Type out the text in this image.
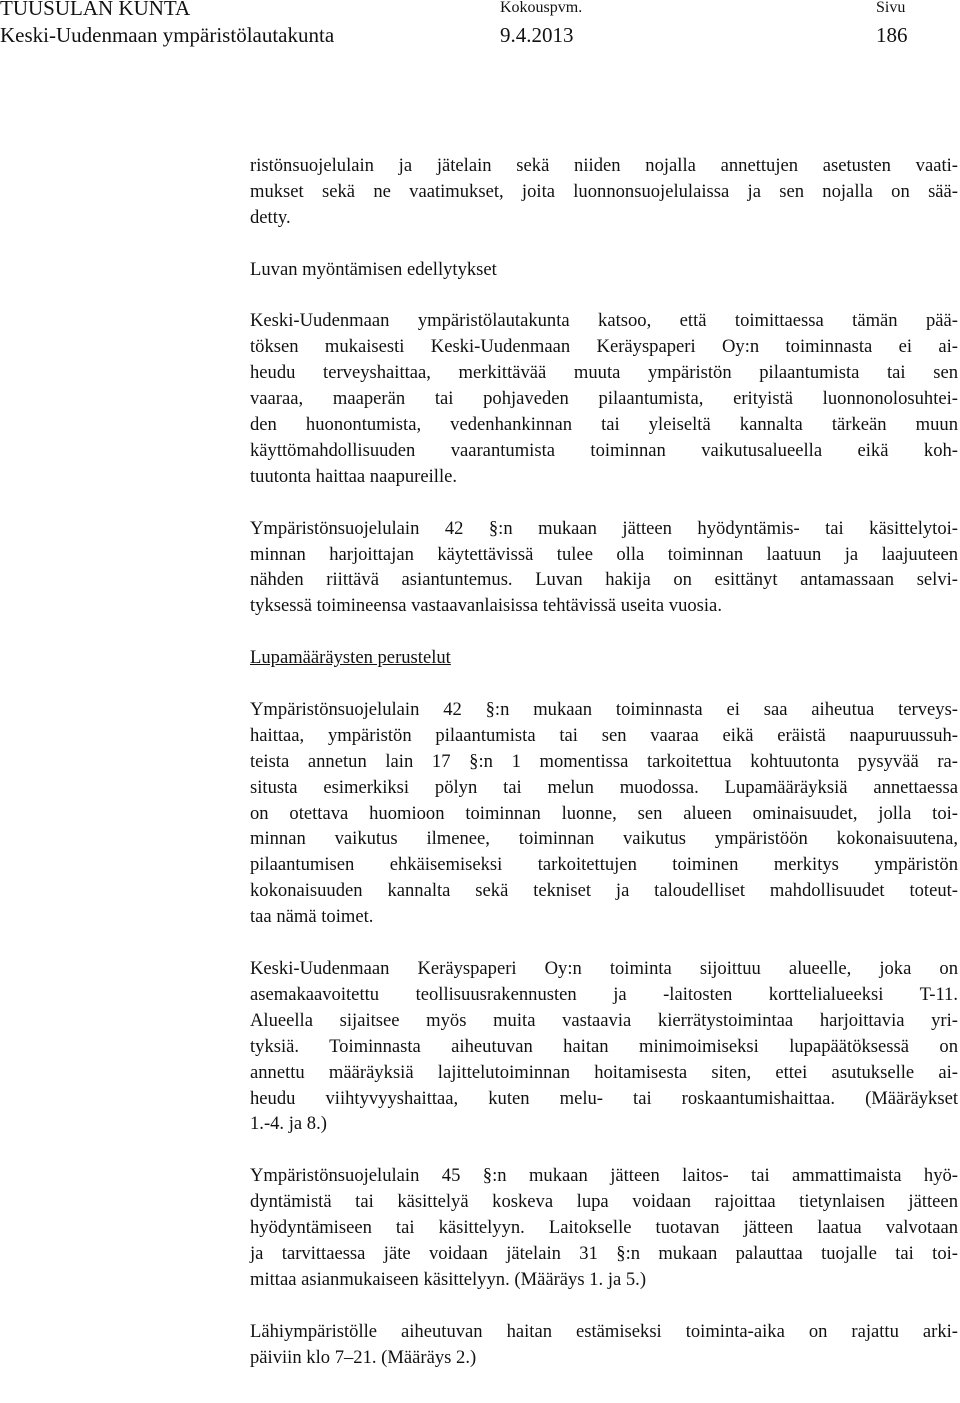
TUUSULAN KUNTA
Keski-Uudenmaan ympäristölautakunta
Kokouspvm.
9.4.2013
Sivu
186

ristönsuojelulain ja jätelain sekä niiden nojalla annettujen asetusten vaati-
mukset sekä ne vaatimukset, joita luonnonsuojelulaissa ja sen nojalla on sää-
detty.

Luvan myöntämisen edellytykset

Keski-Uudenmaan ympäristölautakunta katsoo, että toimittaessa tämän pää-
töksen mukaisesti Keski-Uudenmaan Keräyspaperi Oy:n toiminnasta ei ai-
heudu terveyshaittaa, merkittävää muuta ympäristön pilaantumista tai sen
vaaraa, maaperän tai pohjaveden pilaantumista, erityistä luonnonolosuhtei-
den huonontumista, vedenhankinnan tai yleiseltä kannalta tärkeän muun
käyttömahdollisuuden vaarantumista toiminnan vaikutusalueella eikä koh-
tuutonta haittaa naapureille.

Ympäristönsuojelulain 42 §:n mukaan jätteen hyödyntämis- tai käsittelytoi-
minnan harjoittajan käytettävissä tulee olla toiminnan laatuun ja laajuuteen
nähden riittävä asiantuntemus. Luvan hakija on esittänyt antamassaan selvi-
tyksessä toimineensa vastaavanlaisissa tehtävissä useita vuosia.

Lupamääräysten perustelut

Ympäristönsuojelulain 42 §:n mukaan toiminnasta ei saa aiheutua terveys-
haittaa, ympäristön pilaantumista tai sen vaaraa eikä eräistä naapuruussuh-
teista annetun lain 17 §:n 1 momentissa tarkoitettua kohtuutonta pysyvää ra-
situsta esimerkiksi pölyn tai melun muodossa. Lupamääräyksiä annettaessa
on otettava huomioon toiminnan luonne, sen alueen ominaisuudet, jolla toi-
minnan vaikutus ilmenee, toiminnan vaikutus ympäristöön kokonaisuutena,
pilaantumisen ehkäisemiseksi tarkoitettujen toiminen merkitys ympäristön
kokonaisuuden kannalta sekä tekniset ja taloudelliset mahdollisuudet toteut-
taa nämä toimet.

Keski-Uudenmaan Keräyspaperi Oy:n toiminta sijoittuu alueelle, joka on
asemakaavoitettu teollisuusrakennusten ja -laitosten korttelialueeksi T-11.
Alueella sijaitsee myös muita vastaavia kierrätystoimintaa harjoittavia yri-
tyksiä. Toiminnasta aiheutuvan haitan minimoimiseksi lupapäätöksessä on
annettu määräyksiä lajittelutoiminnan hoitamisesta siten, ettei asutukselle ai-
heudu viihtyvyyshaittaa, kuten melu- tai roskaantumishaittaa. (Määräykset
1.-4. ja 8.)

Ympäristönsuojelulain 45 §:n mukaan jätteen laitos- tai ammattimaista hyö-
dyntämistä tai käsittelyä koskeva lupa voidaan rajoittaa tietynlaisen jätteen
hyödyntämiseen tai käsittelyyn. Laitokselle tuotavan jätteen laatua valvotaan
ja tarvittaessa jäte voidaan jätelain 31 §:n mukaan palauttaa tuojalle tai toi-
mittaa asianmukaiseen käsittelyyn. (Määräys 1. ja 5.)

Lähiympäristölle aiheutuvan haitan estämiseksi toiminta-aika on rajattu arki-
päiviin klo 7–21. (Määräys 2.)
